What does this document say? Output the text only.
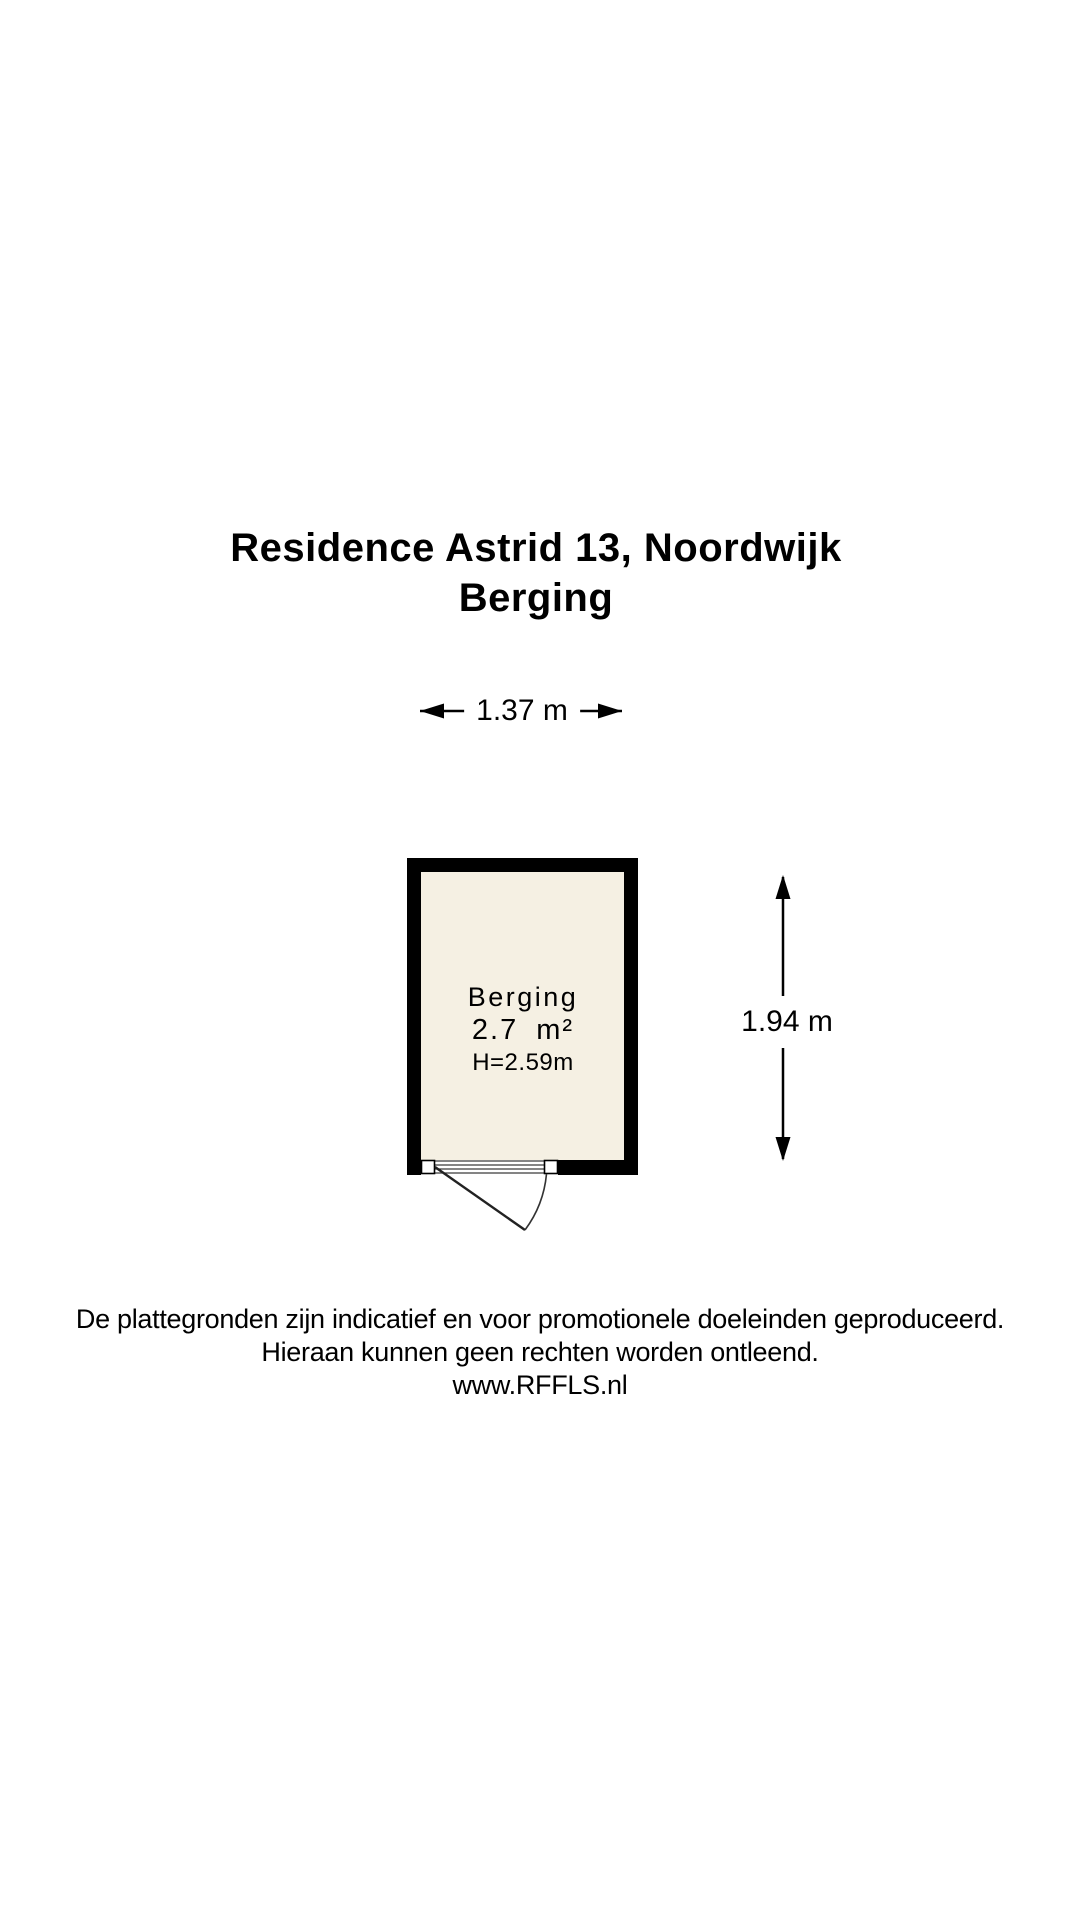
Residence Astrid 13, Noordwijk
Berging
1.37 m
1.94 m
Berging
2.7 m²
H=2.59m
De plattegronden zijn indicatief en voor promotionele doeleinden geproduceerd.
Hieraan kunnen geen rechten worden ontleend.
www.RFFLS.nl
